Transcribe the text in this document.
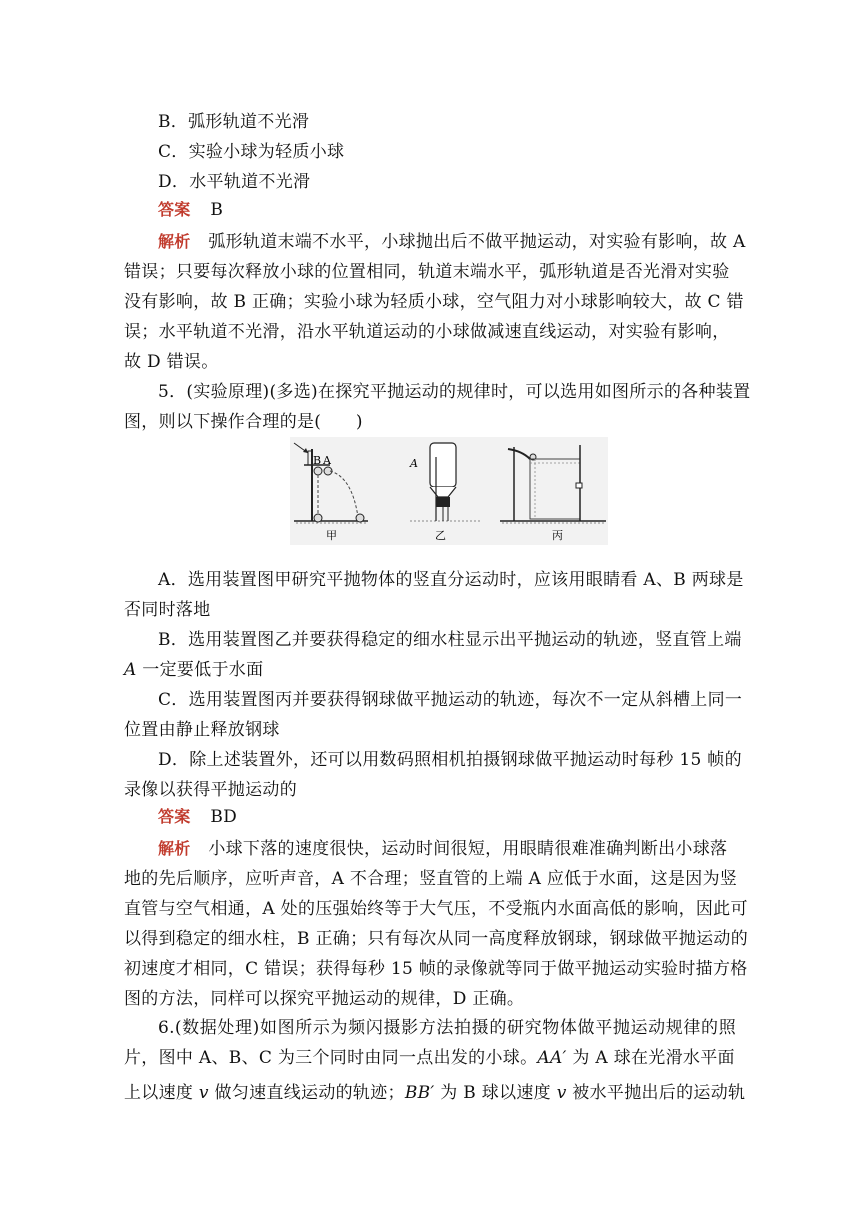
B．弧形轨道不光滑
C．实验小球为轻质小球
D．水平轨道不光滑
答案 B
解析 弧形轨道末端不水平，小球抛出后不做平抛运动，对实验有影响，故 A
错误；只要每次释放小球的位置相同，轨道末端水平，弧形轨道是否光滑对实验
没有影响，故 B 正确；实验小球为轻质小球，空气阻力对小球影响较大，故 C 错
误；水平轨道不光滑，沿水平轨道运动的小球做减速直线运动，对实验有影响，
故 D 错误。
5．(实验原理)(多选)在探究平抛运动的规律时，可以选用如图所示的各种装置
图，则以下操作合理的是(　　)
B A
甲
A
乙	丙
A．选用装置图甲研究平抛物体的竖直分运动时，应该用眼睛看 A、B 两球是
否同时落地
B．选用装置图乙并要获得稳定的细水柱显示出平抛运动的轨迹，竖直管上端
A 一定要低于水面
C．选用装置图丙并要获得钢球做平抛运动的轨迹，每次不一定从斜槽上同一
位置由静止释放钢球
D．除上述装置外，还可以用数码照相机拍摄钢球做平抛运动时每秒 15 帧的
录像以获得平抛运动的
答案 BD
解析 小球下落的速度很快，运动时间很短，用眼睛很难准确判断出小球落
地的先后顺序，应听声音，A 不合理；竖直管的上端 A 应低于水面，这是因为竖
直管与空气相通，A 处的压强始终等于大气压，不受瓶内水面高低的影响，因此可
以得到稳定的细水柱，B 正确；只有每次从同一高度释放钢球，钢球做平抛运动的
初速度才相同，C 错误；获得每秒 15 帧的录像就等同于做平抛运动实验时描方格
图的方法，同样可以探究平抛运动的规律，D 正确。
6.(数据处理)如图所示为频闪摄影方法拍摄的研究物体做平抛运动规律的照
片，图中 A、B、C 为三个同时由同一点出发的小球。AA′ 为 A 球在光滑水平面
上以速度 v 做匀速直线运动的轨迹；BB′ 为 B 球以速度 v 被水平抛出后的运动轨
